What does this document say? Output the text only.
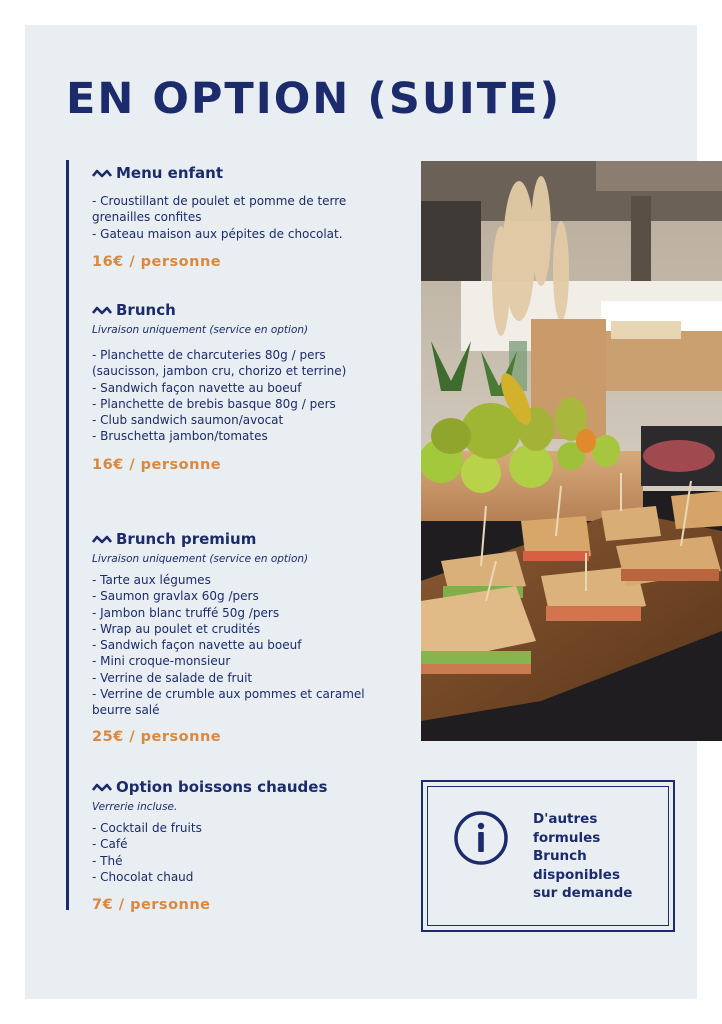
EN OPTION (SUITE)
Menu enfant
- Croustillant de poulet et pomme de terre grenailles confites
- Gateau maison aux pépites de chocolat.
16€ / personne
Brunch
Livraison uniquement (service en option)
- Planchette de charcuteries 80g / pers (saucisson, jambon cru, chorizo et terrine)
- Sandwich façon navette au boeuf
- Planchette de brebis basque 80g / pers
- Club sandwich saumon/avocat
- Bruschetta jambon/tomates
16€ / personne
Brunch premium
Livraison uniquement (service en option)
- Tarte aux légumes
- Saumon gravlax 60g /pers
- Jambon blanc truffé 50g /pers
- Wrap au poulet et crudités
- Sandwich façon navette au boeuf
- Mini croque-monsieur
- Verrine de salade de fruit
- Verrine de crumble aux pommes et caramel beurre salé
25€ / personne
Option boissons chaudes
Verrerie incluse.
- Cocktail de fruits
- Café
- Thé
- Chocolat chaud
7€ / personne
D'autres
formules
Brunch
disponibles
sur demande
